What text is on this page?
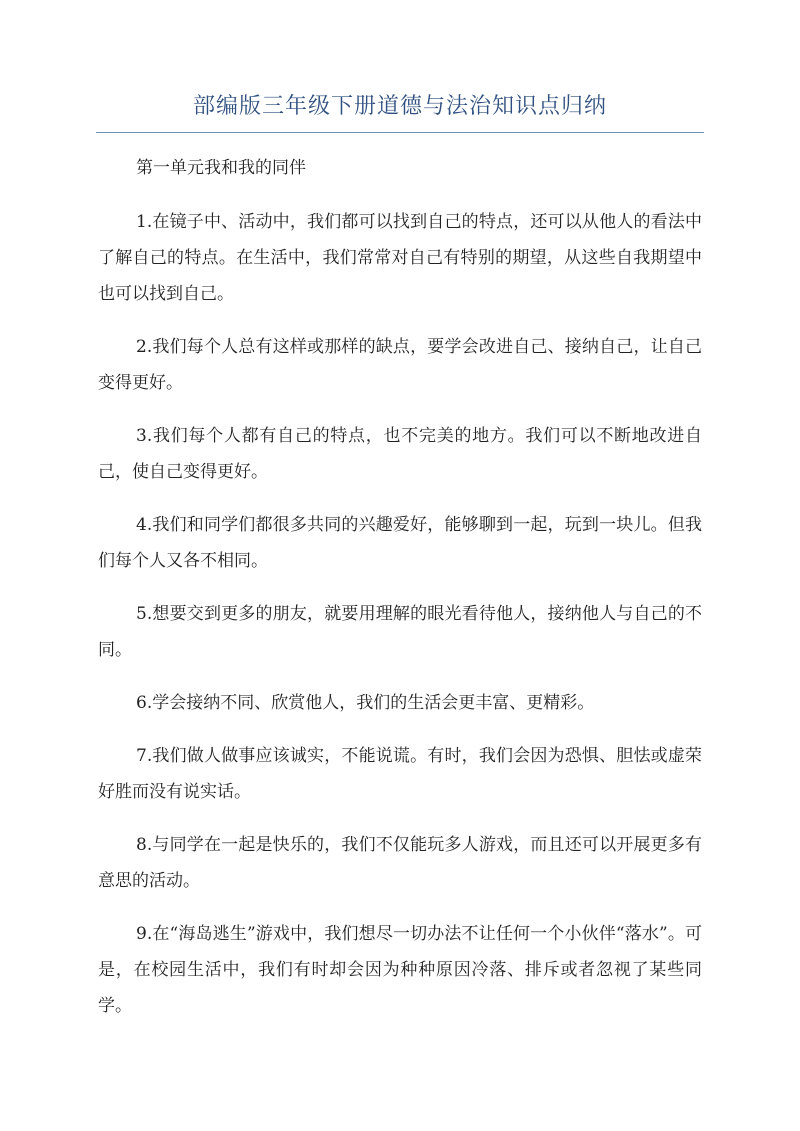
部编版三年级下册道德与法治知识点归纳

第一单元我和我的同伴

1.在镜子中、活动中，我们都可以找到自己的特点，还可以从他人的看法中了解自己的特点。在生活中，我们常常对自己有特别的期望，从这些自我期望中也可以找到自己。

2.我们每个人总有这样或那样的缺点，要学会改进自己、接纳自己，让自己变得更好。

3.我们每个人都有自己的特点，也不完美的地方。我们可以不断地改进自己，使自己变得更好。

4.我们和同学们都很多共同的兴趣爱好，能够聊到一起，玩到一块儿。但我们每个人又各不相同。

5.想要交到更多的朋友，就要用理解的眼光看待他人，接纳他人与自己的不同。

6.学会接纳不同、欣赏他人，我们的生活会更丰富、更精彩。

7.我们做人做事应该诚实，不能说谎。有时，我们会因为恐惧、胆怯或虚荣好胜而没有说实话。

8.与同学在一起是快乐的，我们不仅能玩多人游戏，而且还可以开展更多有意思的活动。

9.在“海岛逃生”游戏中，我们想尽一切办法不让任何一个小伙伴“落水”。可是，在校园生活中，我们有时却会因为种种原因冷落、排斥或者忽视了某些同学。
